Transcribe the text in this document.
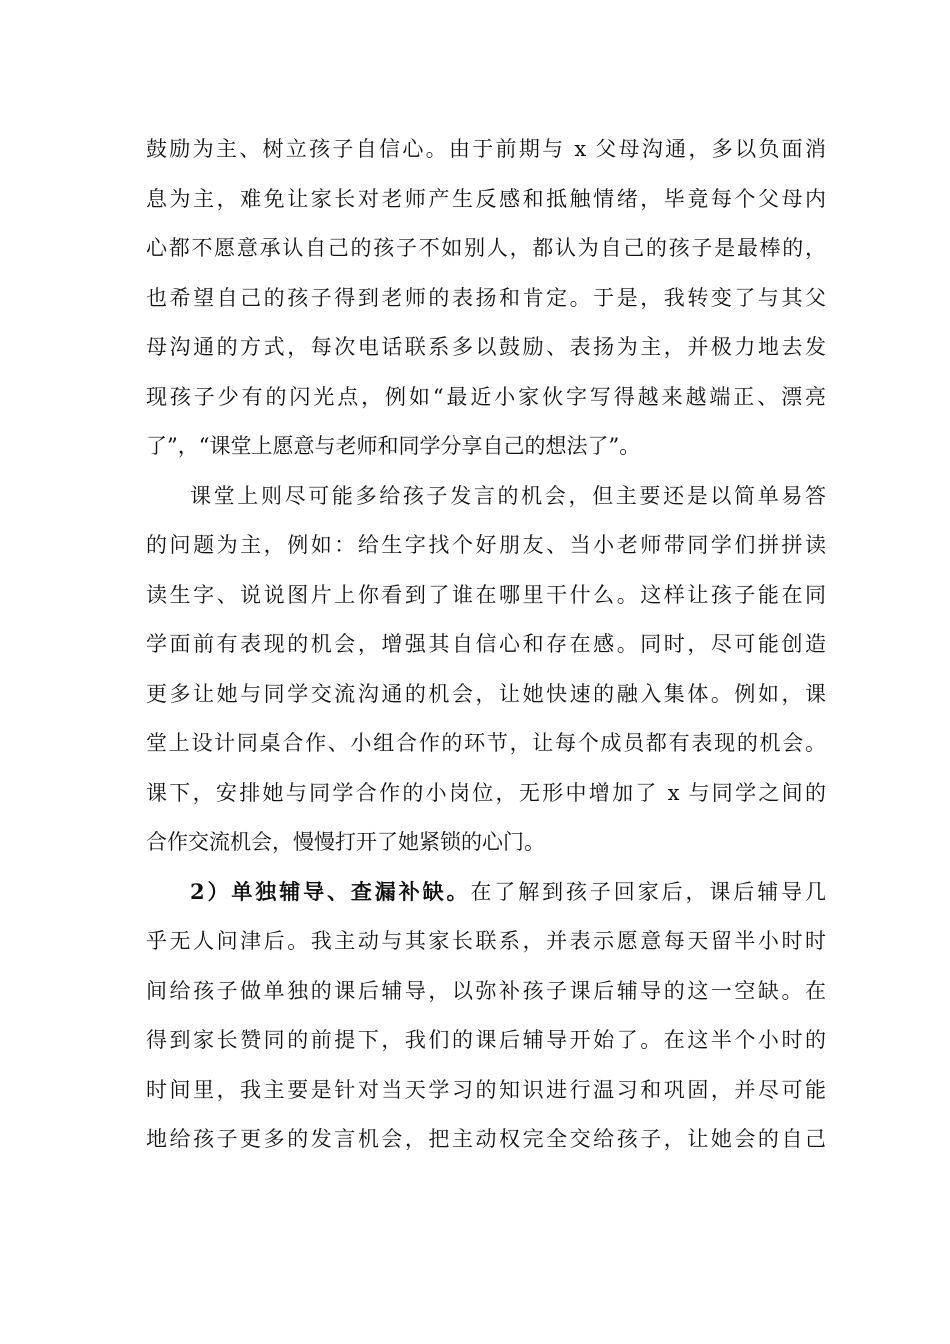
鼓励为主、树立孩子自信心。由于前期与 x 父母沟通，多以负面消
息为主，难免让家长对老师产生反感和抵触情绪，毕竟每个父母内
心都不愿意承认自己的孩子不如别人，都认为自己的孩子是最棒的，
也希望自己的孩子得到老师的表扬和肯定。于是，我转变了与其父
母沟通的方式，每次电话联系多以鼓励、表扬为主，并极力地去发
现孩子少有的闪光点，例如“最近小家伙字写得越来越端正、漂亮
了”，“课堂上愿意与老师和同学分享自己的想法了”。
课堂上则尽可能多给孩子发言的机会，但主要还是以简单易答
的问题为主，例如：给生字找个好朋友、当小老师带同学们拼拼读
读生字、说说图片上你看到了谁在哪里干什么。这样让孩子能在同
学面前有表现的机会，增强其自信心和存在感。同时，尽可能创造
更多让她与同学交流沟通的机会，让她快速的融入集体。例如，课
堂上设计同桌合作、小组合作的环节，让每个成员都有表现的机会。
课下，安排她与同学合作的小岗位，无形中增加了 x 与同学之间的
合作交流机会，慢慢打开了她紧锁的心门。
2）单独辅导、查漏补缺。在了解到孩子回家后，课后辅导几
乎无人问津后。我主动与其家长联系，并表示愿意每天留半小时时
间给孩子做单独的课后辅导，以弥补孩子课后辅导的这一空缺。在
得到家长赞同的前提下，我们的课后辅导开始了。在这半个小时的
时间里，我主要是针对当天学习的知识进行温习和巩固，并尽可能
地给孩子更多的发言机会，把主动权完全交给孩子，让她会的自己
